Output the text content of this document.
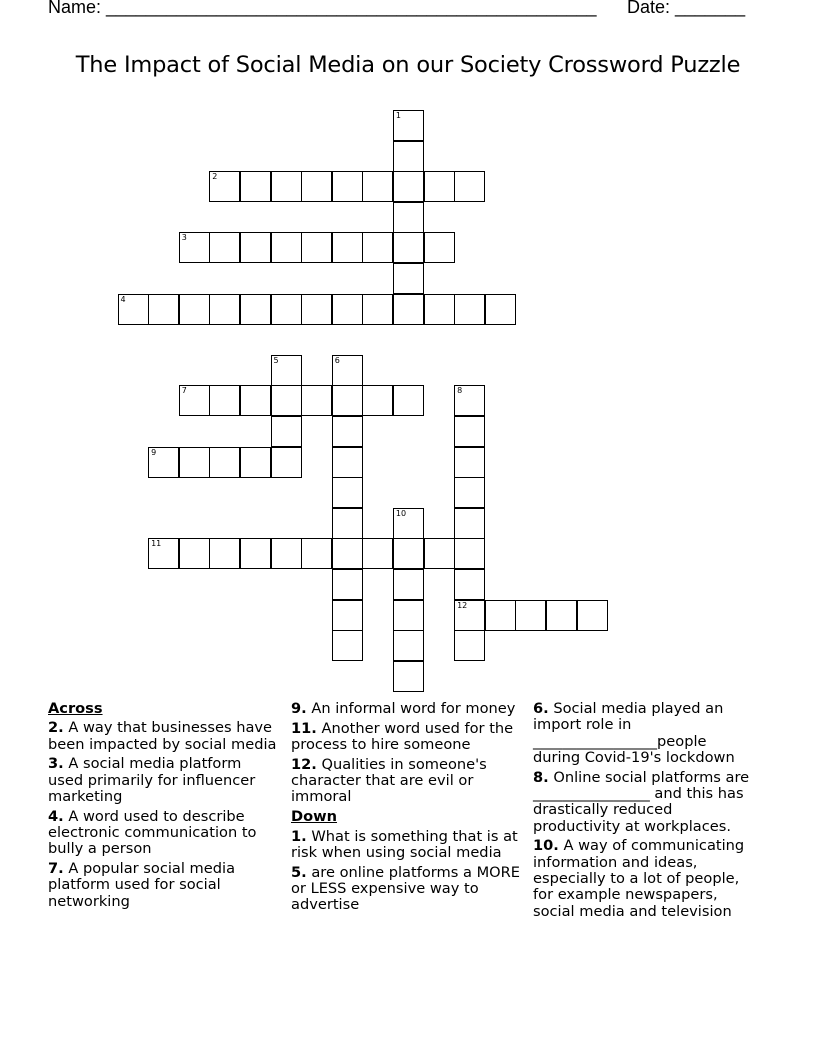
Name: _________________________________________________ Date: _______
The Impact of Social Media on our Society Crossword Puzzle
1
2
3
4
5	6
7	8
12
9
10
11
Across
2. A way that businesses have been impacted by social media
3. A social media platform used primarily for influencer marketing
4. A word used to describe electronic communication to bully a person
7. A popular social media platform used for social networking
9. An informal word for money
11. Another word used for the process to hire someone
12. Qualities in someone's character that are evil or immoral
Down
1. What is something that is at risk when using social media
5. are online platforms a MORE or LESS expensive way to advertise
6. Social media played an import role in _________________people during Covid-19's lockdown
8. Online social platforms are ________________ and this has drastically reduced productivity at workplaces.
10. A way of communicating information and ideas, especially to a lot of people, for example newspapers, social media and television
